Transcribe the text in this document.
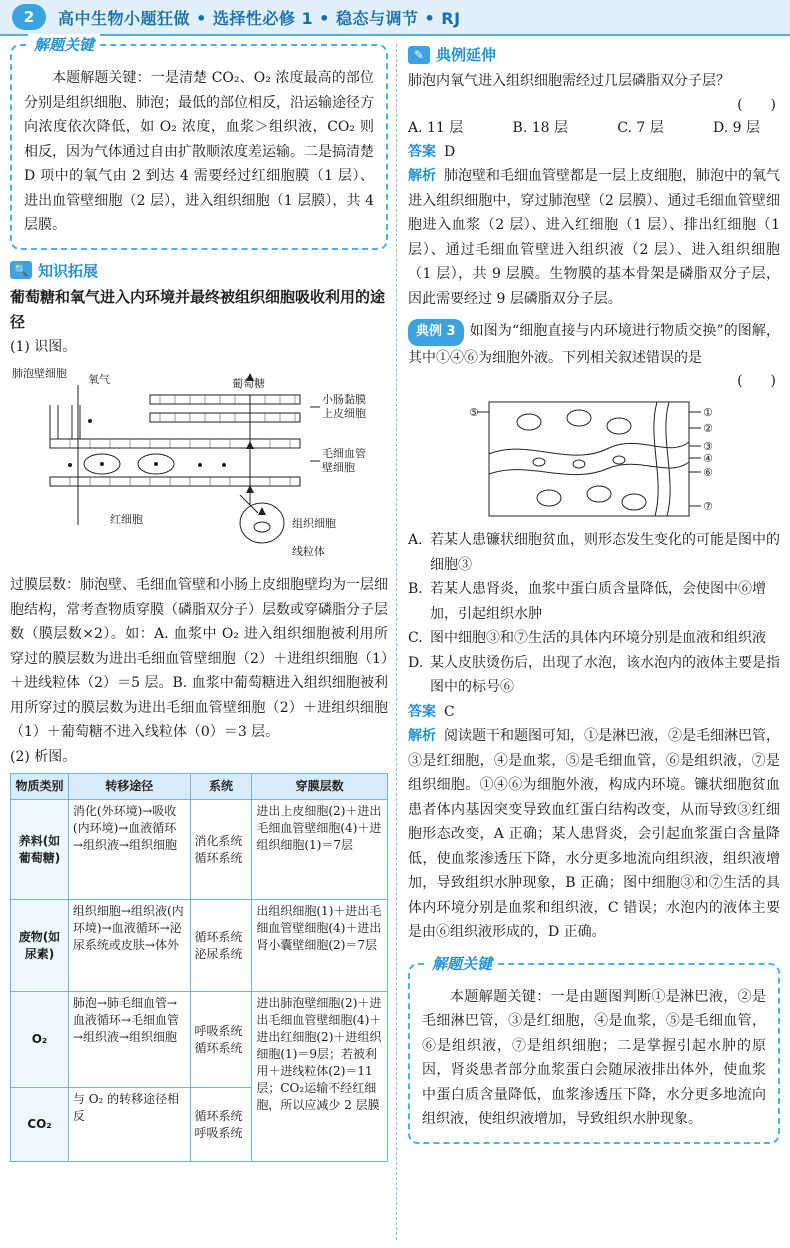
2	高中生物小题狂做 • 选择性必修 1 • 稳态与调节 • RJ
解题关键
本题解题关键：一是清楚 CO₂、O₂ 浓度最高的部位分别是组织细胞、肺泡；最低的部位相反，沿运输途径方向浓度依次降低，如 O₂ 浓度，血浆＞组织液，CO₂ 则相反，因为气体通过自由扩散顺浓度差运输。二是搞清楚 D 项中的氧气由 2 到达 4 需要经过红细胞膜（1 层）、进出血管壁细胞（2 层），进入组织细胞（1 层膜），共 4 层膜。
🔍 知识拓展
葡萄糖和氧气进入内环境并最终被组织细胞吸收利用的途径
(1) 识图。
肺泡壁细胞 氧气	葡萄糖
小肠黏膜
上皮细胞
毛细血管
壁细胞
红细胞	组织细胞
线粒体
过膜层数：肺泡壁、毛细血管壁和小肠上皮细胞壁均为一层细胞结构，常考查物质穿膜（磷脂双分子）层数或穿磷脂分子层数（膜层数×2）。如：A. 血浆中 O₂ 进入组织细胞被利用所穿过的膜层数为进出毛细血管壁细胞（2）＋进组织细胞（1）＋进线粒体（2）＝5 层。B. 血浆中葡萄糖进入组织细胞被利用所穿过的膜层数为进出毛细血管壁细胞（2）＋进组织细胞（1）＋葡萄糖不进入线粒体（0）＝3 层。
(2) 析图。
物质类别	转移途径	系统	穿膜层数
养料(如葡萄糖)	消化(外环境)→吸收(内环境)→血液循环→组织液→组织细胞	消化系统 循环系统	进出上皮细胞(2)＋进出毛细血管壁细胞(4)＋进组织细胞(1)＝7层
废物(如尿素)	组织细胞→组织液(内环境)→血液循环→泌尿系统或皮肤→体外	循环系统 泌尿系统	出组织细胞(1)＋进出毛细血管壁细胞(4)＋进出肾小囊壁细胞(2)＝7层
O₂	肺泡→肺毛细血管→血液循环→毛细血管→组织液→组织细胞	呼吸系统 循环系统	进出肺泡壁细胞(2)＋进出毛细血管壁细胞(4)＋进出红细胞(2)＋进组织细胞(1)＝9层；若被利用＋进线粒体(2)＝11层；CO₂运输不经红细胞，所以应减少 2 层膜
CO₂	与 O₂ 的转移途径相反	循环系统 呼吸系统	
✎ 典例延伸
肺泡内氧气进入组织细胞需经过几层磷脂双分子层？
(　　)
A. 11 层	B. 18 层	C. 7 层	D. 9 层
答案 D
解析 肺泡壁和毛细血管壁都是一层上皮细胞，肺泡中的氧气进入组织细胞中，穿过肺泡壁（2 层膜）、通过毛细血管壁细胞进入血浆（2 层）、进入红细胞（1 层）、排出红细胞（1 层）、通过毛细血管壁进入组织液（2 层）、进入组织细胞（1 层），共 9 层膜。生物膜的基本骨架是磷脂双分子层，因此需要经过 9 层磷脂双分子层。
典例 3 如图为“细胞直接与内环境进行物质交换”的图解，其中①④⑥为细胞外液。下列相关叙述错误的是
(　　)
①
②
③
④
⑤
⑥
⑦
A. 若某人患镰状细胞贫血，则形态发生变化的可能是图中的细胞③
B. 若某人患肾炎，血浆中蛋白质含量降低，会使图中⑥增加，引起组织水肿
C. 图中细胞③和⑦生活的具体内环境分别是血液和组织液
D. 某人皮肤烫伤后，出现了水泡，该水泡内的液体主要是指图中的标号⑥
答案 C
解析 阅读题干和题图可知，①是淋巴液，②是毛细淋巴管，③是红细胞，④是血浆，⑤是毛细血管，⑥是组织液，⑦是组织细胞。①④⑥为细胞外液，构成内环境。镰状细胞贫血患者体内基因突变导致血红蛋白结构改变，从而导致③红细胞形态改变，A 正确；某人患肾炎，会引起血浆蛋白含量降低，使血浆渗透压下降，水分更多地流向组织液，组织液增加，导致组织水肿现象，B 正确；图中细胞③和⑦生活的具体内环境分别是血浆和组织液，C 错误；水泡内的液体主要是由⑥组织液形成的，D 正确。
解题关键
本题解题关键：一是由题图判断①是淋巴液，②是毛细淋巴管，③是红细胞，④是血浆，⑤是毛细血管，⑥是组织液，⑦是组织细胞；二是掌握引起水肿的原因，肾炎患者部分血浆蛋白会随尿液排出体外，使血浆中蛋白质含量降低，血浆渗透压下降，水分更多地流向组织液，使组织液增加，导致组织水肿现象。
